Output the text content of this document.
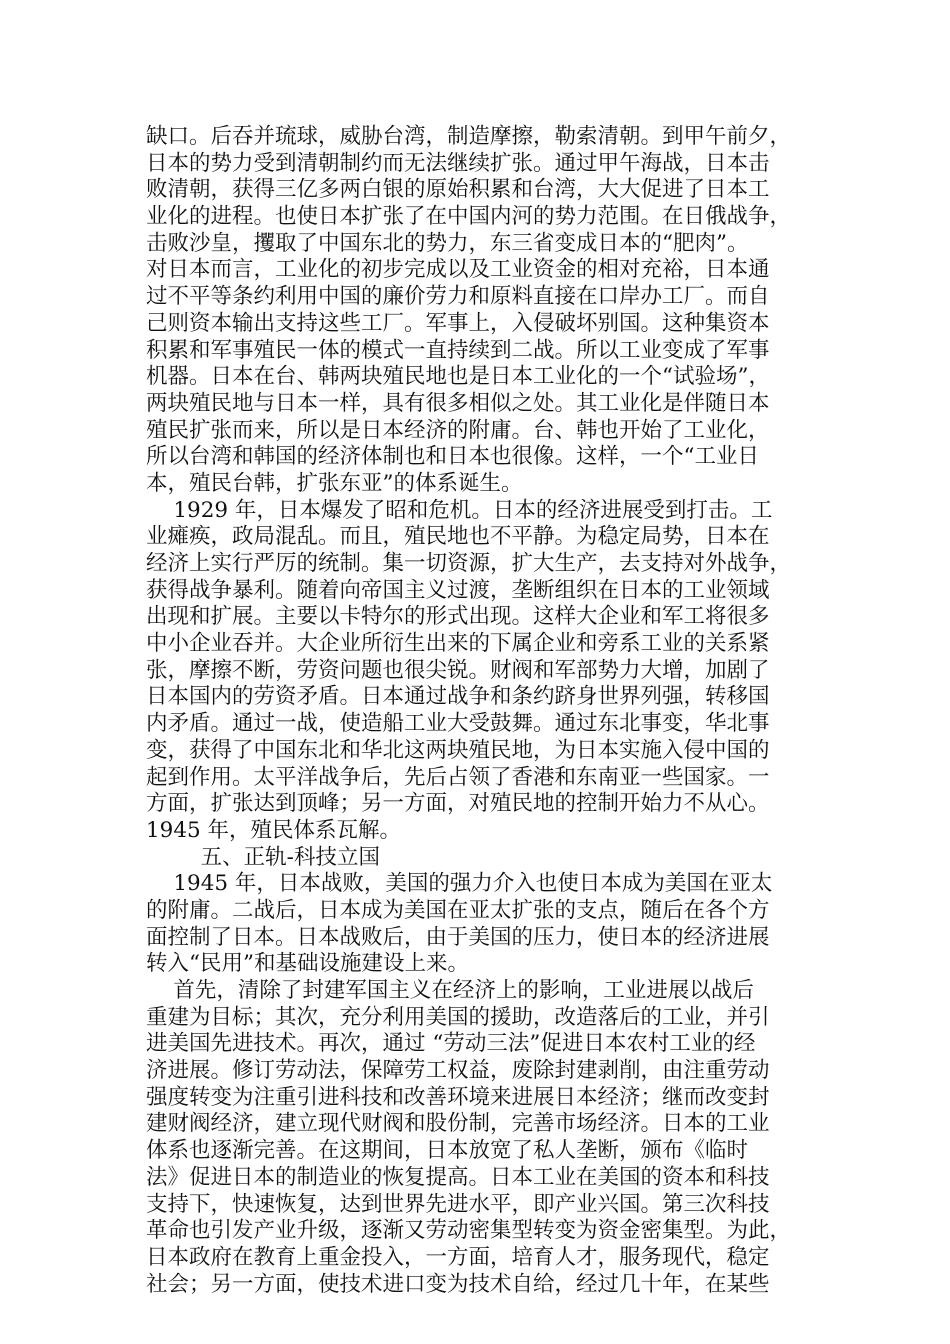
缺口。后吞并琉球，威胁台湾，制造摩擦，勒索清朝。到甲午前夕，
日本的势力受到清朝制约而无法继续扩张。通过甲午海战，日本击
败清朝，获得三亿多两白银的原始积累和台湾，大大促进了日本工
业化的进程。也使日本扩张了在中国内河的势力范围。在日俄战争，
击败沙皇，攫取了中国东北的势力，东三省变成日本的“肥肉”。
对日本而言，工业化的初步完成以及工业资金的相对充裕，日本通
过不平等条约利用中国的廉价劳力和原料直接在口岸办工厂。而自
己则资本输出支持这些工厂。军事上，入侵破坏别国。这种集资本
积累和军事殖民一体的模式一直持续到二战。所以工业变成了军事
机器。日本在台、韩两块殖民地也是日本工业化的一个“试验场”，
两块殖民地与日本一样，具有很多相似之处。其工业化是伴随日本
殖民扩张而来，所以是日本经济的附庸。台、韩也开始了工业化，
所以台湾和韩国的经济体制也和日本也很像。这样，一个“工业日
本，殖民台韩，扩张东亚”的体系诞生。
1929 年，日本爆发了昭和危机。日本的经济进展受到打击。工
业瘫痪，政局混乱。而且，殖民地也不平静。为稳定局势，日本在
经济上实行严厉的统制。集一切资源，扩大生产，去支持对外战争，
获得战争暴利。随着向帝国主义过渡，垄断组织在日本的工业领域
出现和扩展。主要以卡特尔的形式出现。这样大企业和军工将很多
中小企业吞并。大企业所衍生出来的下属企业和旁系工业的关系紧
张，摩擦不断，劳资问题也很尖锐。财阀和军部势力大增，加剧了
日本国内的劳资矛盾。日本通过战争和条约跻身世界列强，转移国
内矛盾。通过一战，使造船工业大受鼓舞。通过东北事变，华北事
变，获得了中国东北和华北这两块殖民地，为日本实施入侵中国的
起到作用。太平洋战争后，先后占领了香港和东南亚一些国家。一
方面，扩张达到顶峰；另一方面，对殖民地的控制开始力不从心。
1945 年，殖民体系瓦解。
五、正轨-科技立国
1945 年，日本战败，美国的强力介入也使日本成为美国在亚太
的附庸。二战后，日本成为美国在亚太扩张的支点，随后在各个方
面控制了日本。日本战败后，由于美国的压力，使日本的经济进展
转入“民用”和基础设施建设上来。
首先，清除了封建军国主义在经济上的影响，工业进展以战后
重建为目标；其次，充分利用美国的援助，改造落后的工业，并引
进美国先进技术。再次，通过 “劳动三法”促进日本农村工业的经
济进展。修订劳动法，保障劳工权益，废除封建剥削，由注重劳动
强度转变为注重引进科技和改善环境来进展日本经济；继而改变封
建财阀经济，建立现代财阀和股份制，完善市场经济。日本的工业
体系也逐渐完善。在这期间，日本放宽了私人垄断，颁布《临时
法》促进日本的制造业的恢复提高。日本工业在美国的资本和科技
支持下，快速恢复，达到世界先进水平，即产业兴国。第三次科技
革命也引发产业升级，逐渐又劳动密集型转变为资金密集型。为此，
日本政府在教育上重金投入，一方面，培育人才，服务现代，稳定
社会；另一方面，使技术进口变为技术自给，经过几十年，在某些
